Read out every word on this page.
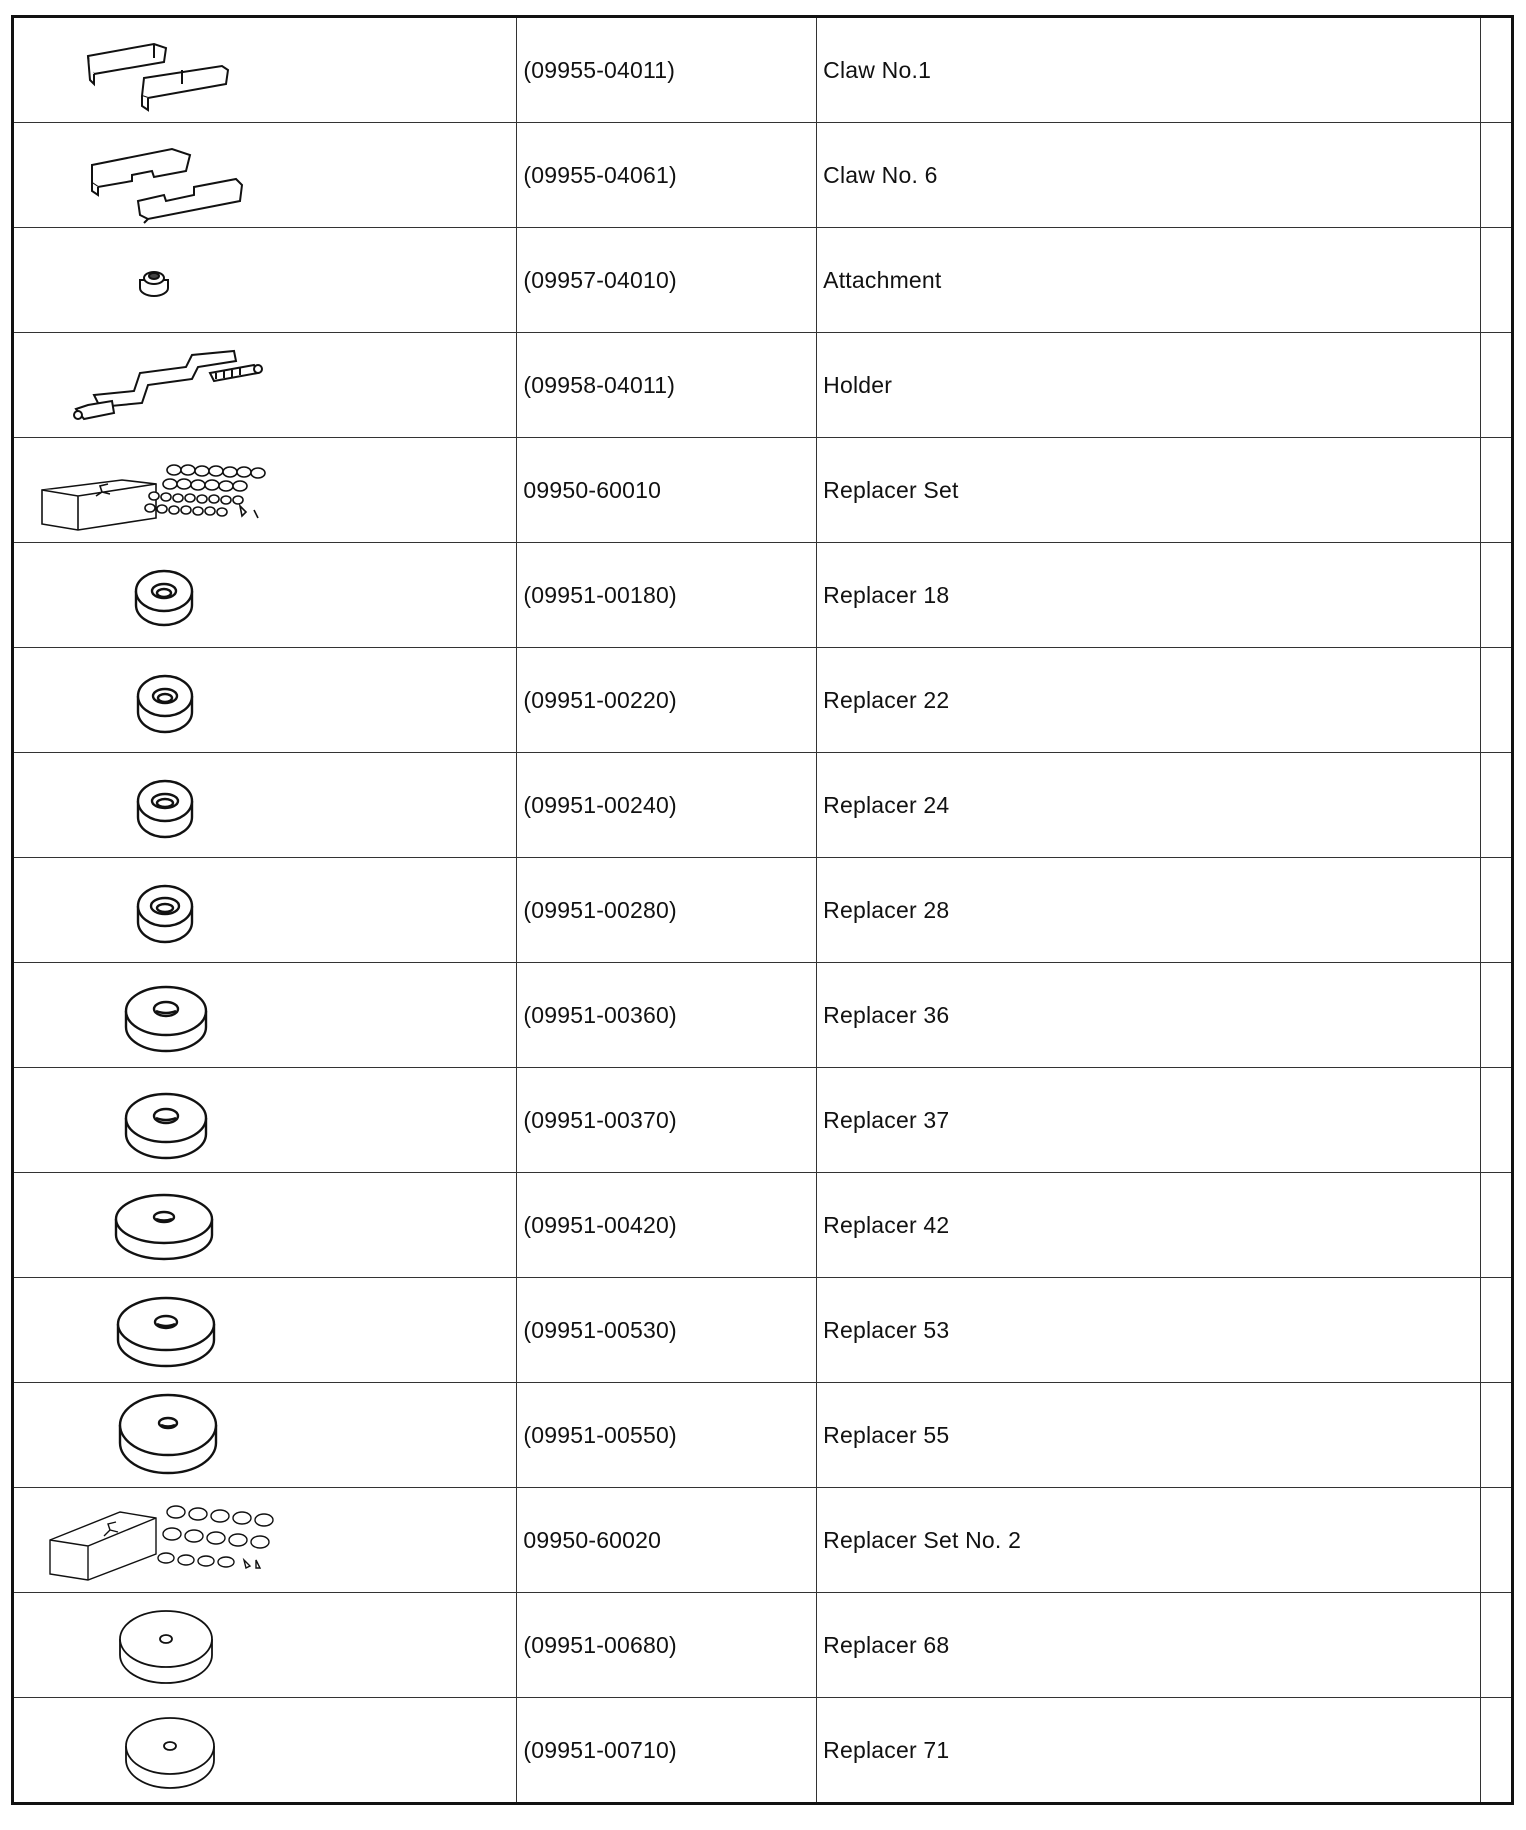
	(09955-04011)	Claw No.1	

	(09955-04061)	Claw No. 6	

	(09957-04010)	Attachment	

	(09958-04011)	Holder	

	09950-60010	Replacer Set	

	(09951-00180)	Replacer 18	

	(09951-00220)	Replacer 22	

	(09951-00240)	Replacer 24	

	(09951-00280)	Replacer 28	

	(09951-00360)	Replacer 36	

	(09951-00370)	Replacer 37	

	(09951-00420)	Replacer 42	

	(09951-00530)	Replacer 53	

	(09951-00550)	Replacer 55	

	09950-60020	Replacer Set No. 2	

	(09951-00680)	Replacer 68	

	(09951-00710)	Replacer 71	
